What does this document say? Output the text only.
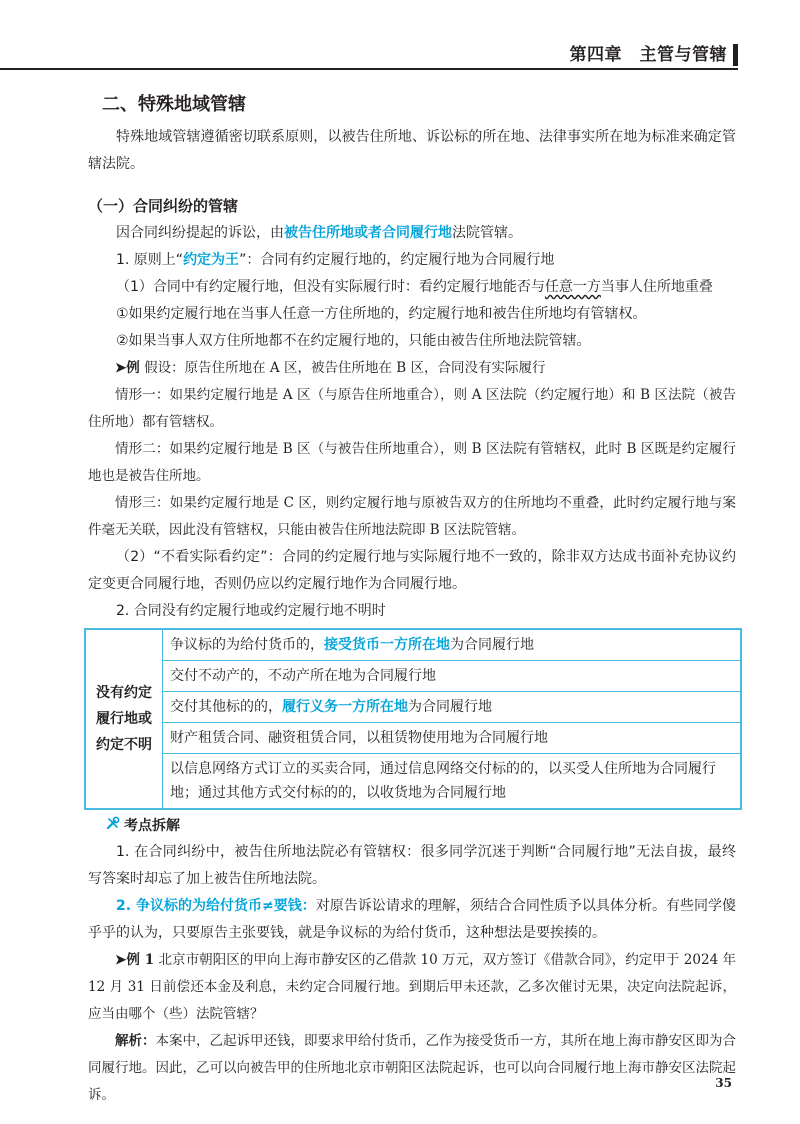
第四章　主管与管辖
二、特殊地域管辖

特殊地域管辖遵循密切联系原则，以被告住所地、诉讼标的所在地、法律事实所在地为标准来确定管辖法院。

（一）合同纠纷的管辖

因合同纠纷提起的诉讼，由被告住所地或者合同履行地法院管辖。

1. 原则上“约定为王”：合同有约定履行地的，约定履行地为合同履行地

（1）合同中有约定履行地，但没有实际履行时：看约定履行地能否与任意一方当事人住所地重叠

①如果约定履行地在当事人任意一方住所地的，约定履行地和被告住所地均有管辖权。

②如果当事人双方住所地都不在约定履行地的，只能由被告住所地法院管辖。

➤例 假设：原告住所地在 A 区，被告住所地在 B 区，合同没有实际履行

情形一：如果约定履行地是 A 区（与原告住所地重合），则 A 区法院（约定履行地）和 B 区法院（被告住所地）都有管辖权。

情形二：如果约定履行地是 B 区（与被告住所地重合），则 B 区法院有管辖权，此时 B 区既是约定履行地也是被告住所地。

情形三：如果约定履行地是 C 区，则约定履行地与原被告双方的住所地均不重叠，此时约定履行地与案件毫无关联，因此没有管辖权，只能由被告住所地法院即 B 区法院管辖。

（2）“不看实际看约定”：合同的约定履行地与实际履行地不一致的，除非双方达成书面补充协议约定变更合同履行地，否则仍应以约定履行地作为合同履行地。

2. 合同没有约定履行地或约定履行地不明时

没有约定履行地或约定不明	争议标的为给付货币的，接受货币一方所在地为合同履行地
交付不动产的，不动产所在地为合同履行地
交付其他标的的，履行义务一方所在地为合同履行地
财产租赁合同、融资租赁合同，以租赁物使用地为合同履行地
以信息网络方式订立的买卖合同，通过信息网络交付标的的，以买受人住所地为合同履行地；通过其他方式交付标的的，以收货地为合同履行地
考点拆解

1. 在合同纠纷中，被告住所地法院必有管辖权：很多同学沉迷于判断“合同履行地”无法自拔，最终写答案时却忘了加上被告住所地法院。

2. 争议标的为给付货币≠要钱：对原告诉讼请求的理解，须结合合同性质予以具体分析。有些同学傻乎乎的认为，只要原告主张要钱，就是争议标的为给付货币，这种想法是要挨揍的。

➤例 1 北京市朝阳区的甲向上海市静安区的乙借款 10 万元，双方签订《借款合同》，约定甲于 2024 年 12 月 31 日前偿还本金及利息，未约定合同履行地。到期后甲未还款，乙多次催讨无果，决定向法院起诉，应当由哪个（些）法院管辖？

解析：本案中，乙起诉甲还钱，即要求甲给付货币，乙作为接受货币一方，其所在地上海市静安区即为合同履行地。因此，乙可以向被告甲的住所地北京市朝阳区法院起诉，也可以向合同履行地上海市静安区法院起诉。

35
